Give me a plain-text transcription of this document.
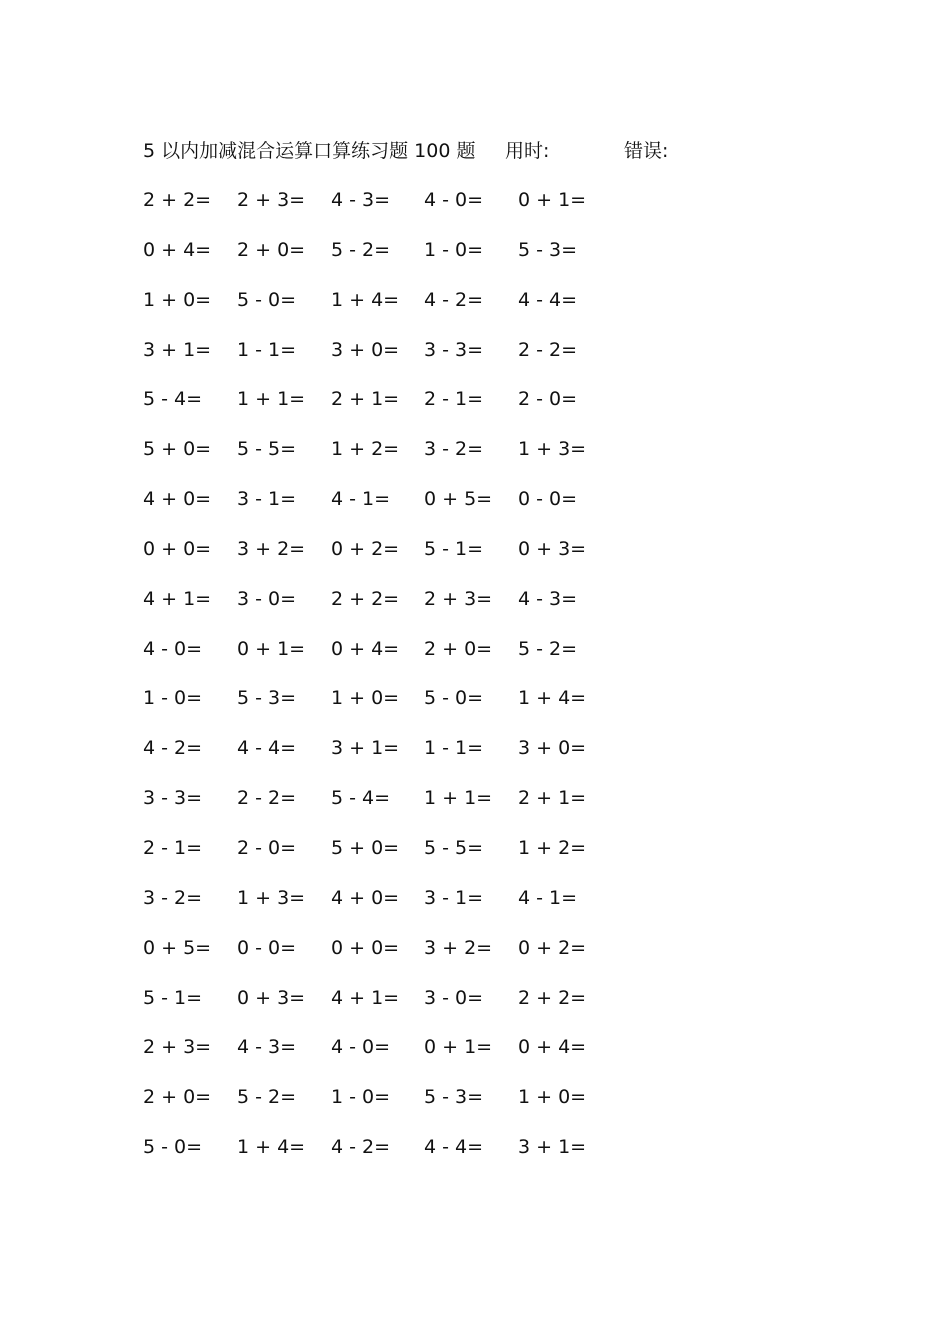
5 以内加减混合运算口算练习题 100 题 用时:	错误:
2 + 2= 2 + 3= 4 - 3= 4 - 0= 0 + 1=
0 + 4= 2 + 0= 5 - 2= 1 - 0= 5 - 3=
1 + 0= 5 - 0= 1 + 4= 4 - 2= 4 - 4=
3 + 1= 1 - 1= 3 + 0= 3 - 3= 2 - 2=
5 - 4= 1 + 1= 2 + 1= 2 - 1= 2 - 0=
5 + 0= 5 - 5= 1 + 2= 3 - 2= 1 + 3=
4 + 0= 3 - 1= 4 - 1= 0 + 5= 0 - 0=
0 + 0= 3 + 2= 0 + 2= 5 - 1= 0 + 3=
4 + 1= 3 - 0= 2 + 2= 2 + 3= 4 - 3=
4 - 0= 0 + 1= 0 + 4= 2 + 0= 5 - 2=
1 - 0= 5 - 3= 1 + 0= 5 - 0= 1 + 4=
4 - 2= 4 - 4= 3 + 1= 1 - 1= 3 + 0=
3 - 3= 2 - 2= 5 - 4= 1 + 1= 2 + 1=
2 - 1= 2 - 0= 5 + 0= 5 - 5= 1 + 2=
3 - 2= 1 + 3= 4 + 0= 3 - 1= 4 - 1=
0 + 5= 0 - 0= 0 + 0= 3 + 2= 0 + 2=
5 - 1= 0 + 3= 4 + 1= 3 - 0= 2 + 2=
2 + 3= 4 - 3= 4 - 0= 0 + 1= 0 + 4=
2 + 0= 5 - 2= 1 - 0= 5 - 3= 1 + 0=
5 - 0= 1 + 4= 4 - 2= 4 - 4= 3 + 1=
